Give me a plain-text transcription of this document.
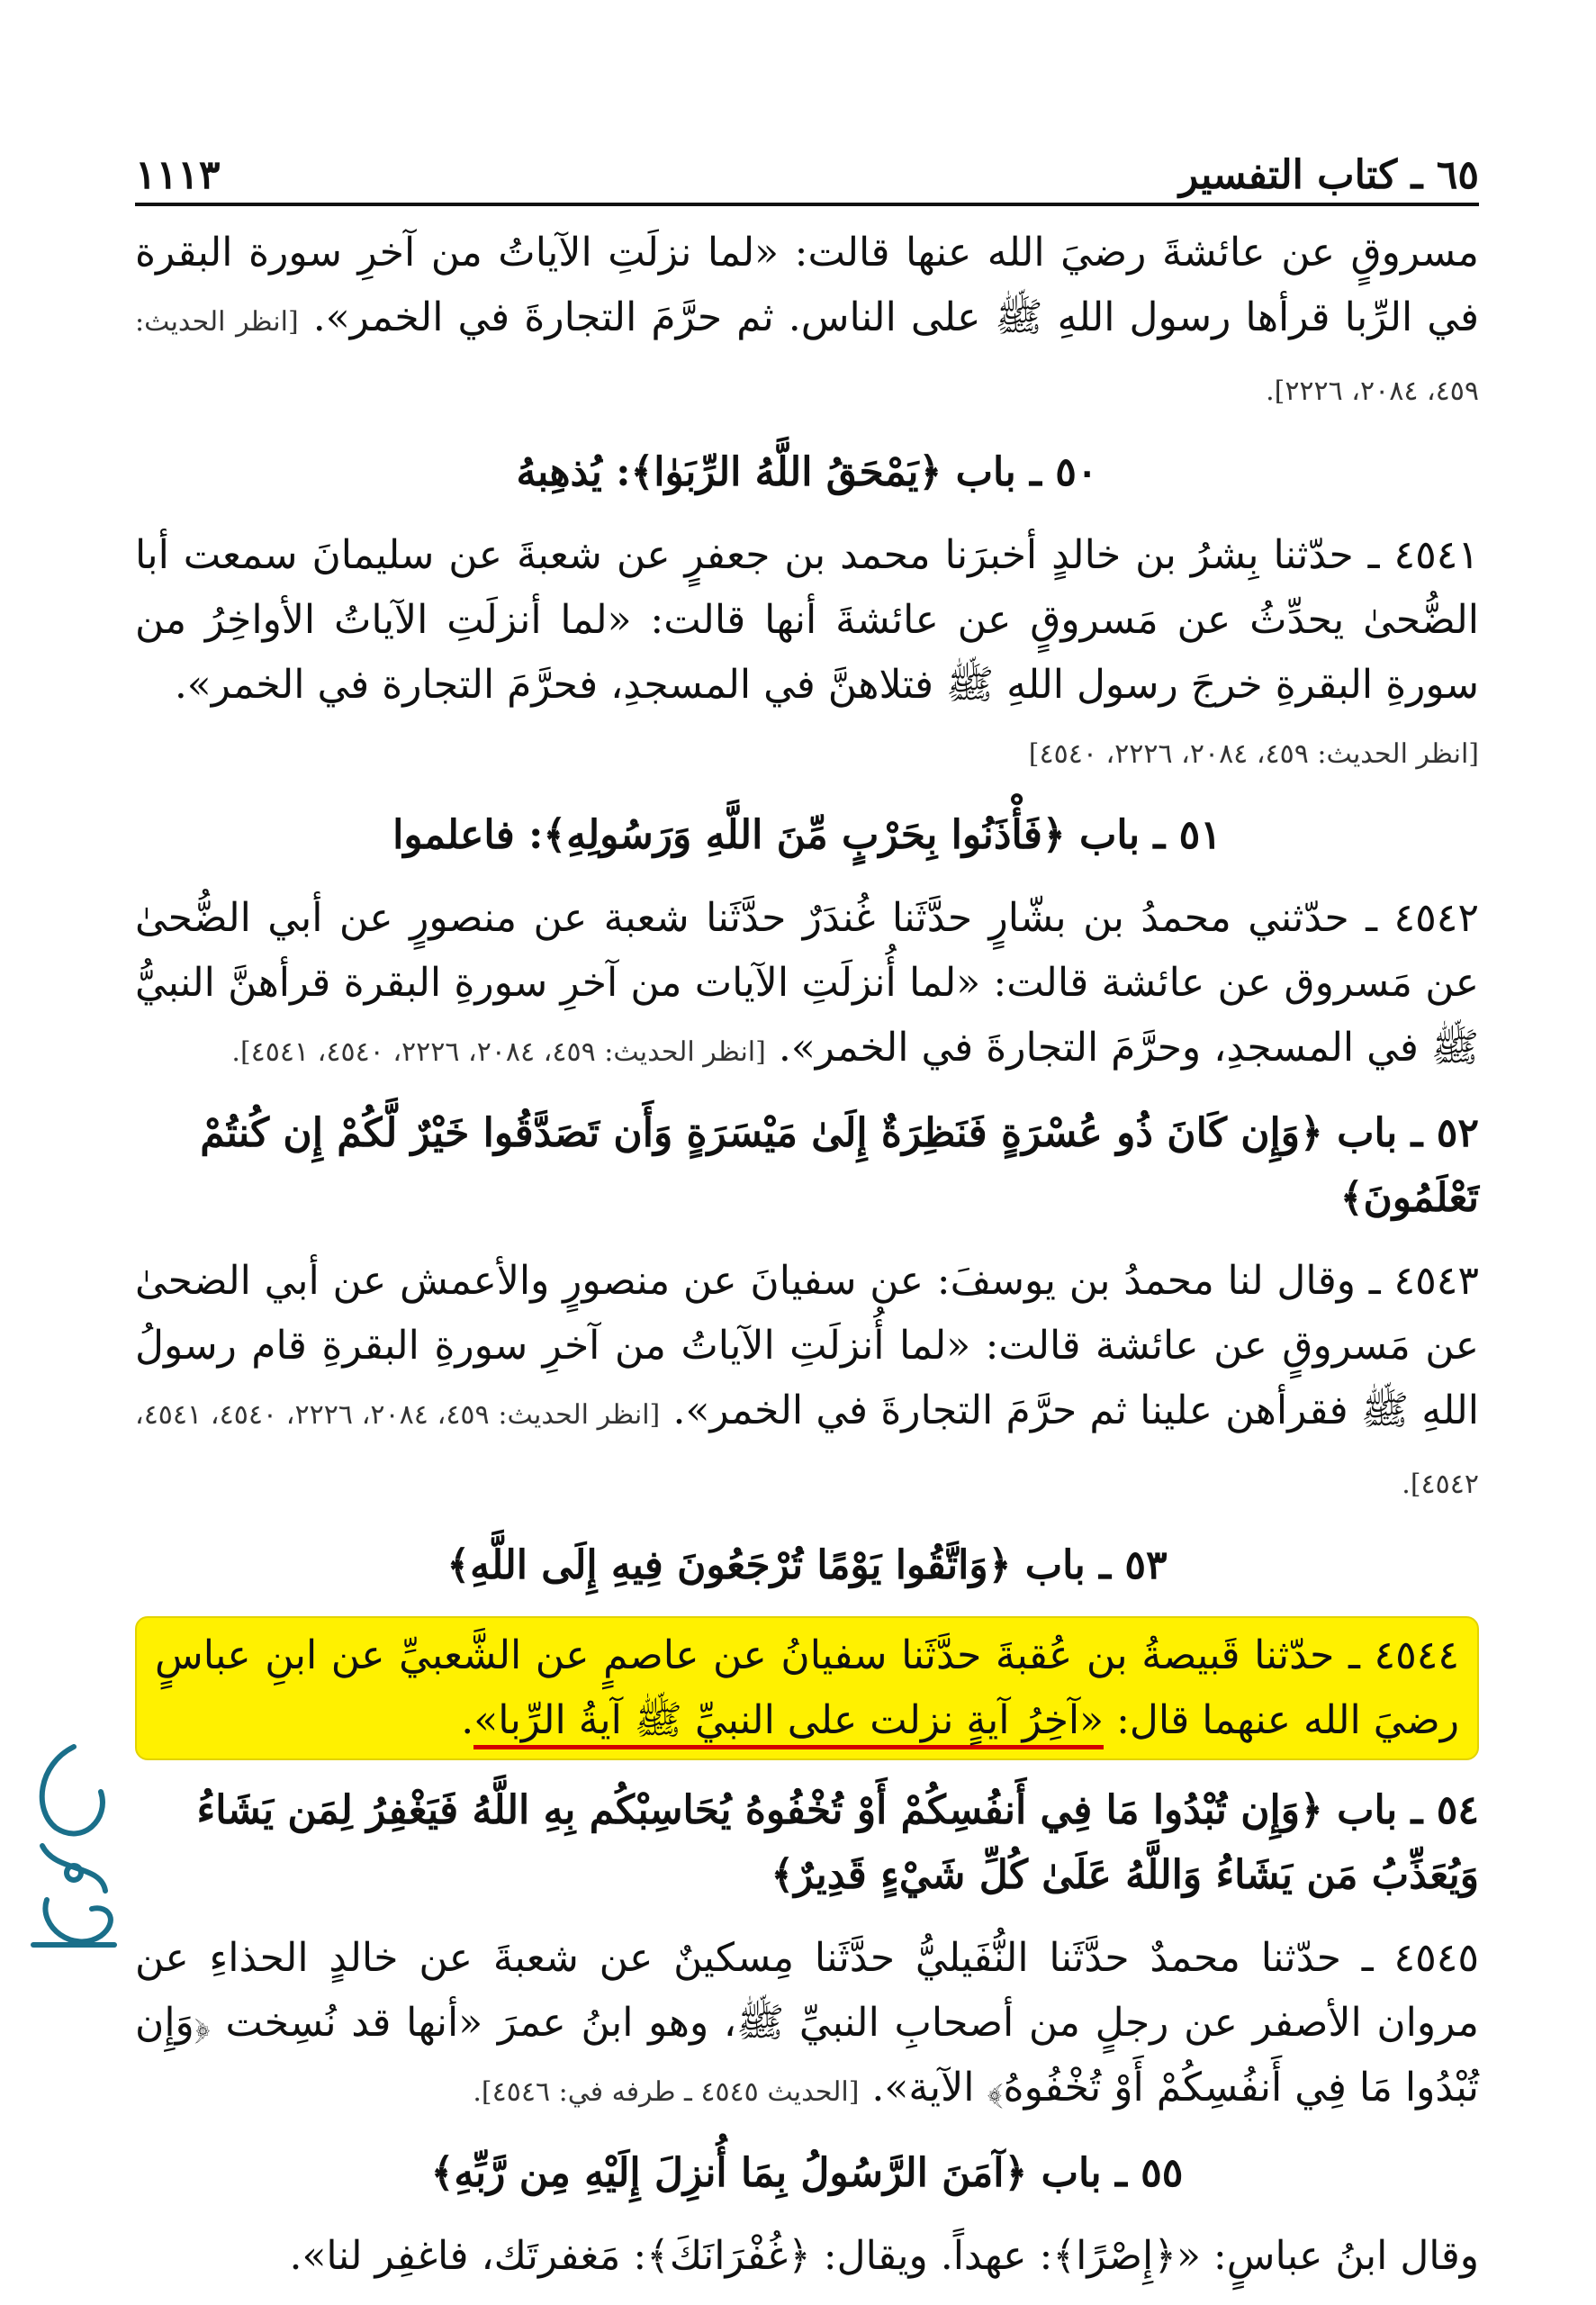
٦٥ ـ كتاب التفسير
١١١٣

مسروقٍ عن عائشةَ رضيَ الله عنها قالت: «لما نزلَتِ الآياتُ من آخرِ سورة البقرة في الرِّبا قرأها رسول اللهِ ﷺ على الناس. ثم حرَّمَ التجارةَ في الخمر». [انظر الحديث: ٤٥٩، ٢٠٨٤، ٢٢٢٦].

٥٠ ـ باب ﴿يَمْحَقُ اللَّهُ الرِّبَوٰا﴾: يُذهِبهُ

٤٥٤١ ـ حدّثنا بِشرُ بن خالدٍ أخبرَنا محمد بن جعفرٍ عن شعبةَ عن سليمانَ سمعت أبا الضُّحىٰ يحدِّثُ عن مَسروقٍ عن عائشةَ أنها قالت: «لما أنزلَتِ الآياتُ الأواخِرُ من سورةِ البقرةِ خرجَ رسول اللهِ ﷺ فتلاهنَّ في المسجدِ، فحرَّمَ التجارة في الخمر».
[انظر الحديث: ٤٥٩، ٢٠٨٤، ٢٢٢٦، ٤٥٤٠]

٥١ ـ باب ﴿فَأْذَنُوا بِحَرْبٍ مِّنَ اللَّهِ وَرَسُولِهِ﴾: فاعلموا

٤٥٤٢ ـ حدّثني محمدُ بن بشّارٍ حدَّثَنا غُندَرٌ حدَّثَنا شعبة عن منصورٍ عن أبي الضُّحىٰ عن مَسروق عن عائشة قالت: «لما أُنزلَتِ الآيات من آخرِ سورةِ البقرة قرأهنَّ النبيُّ ﷺ في المسجدِ، وحرَّمَ التجارةَ في الخمر». [انظر الحديث: ٤٥٩، ٢٠٨٤، ٢٢٢٦، ٤٥٤٠، ٤٥٤١].

٥٢ ـ باب ﴿وَإِن كَانَ ذُو عُسْرَةٍ فَنَظِرَةٌ إِلَىٰ مَيْسَرَةٍ وَأَن تَصَدَّقُوا خَيْرٌ لَّكُمْ إِن كُنتُمْ تَعْلَمُونَ﴾

٤٥٤٣ ـ وقال لنا محمدُ بن يوسفَ: عن سفيانَ عن منصورٍ والأعمش عن أبي الضحىٰ عن مَسروقٍ عن عائشة قالت: «لما أُنزلَتِ الآياتُ من آخرِ سورةِ البقرةِ قام رسولُ اللهِ ﷺ فقرأهن علينا ثم حرَّمَ التجارةَ في الخمر». [انظر الحديث: ٤٥٩، ٢٠٨٤، ٢٢٢٦، ٤٥٤٠، ٤٥٤١، ٤٥٤٢].

٥٣ ـ باب ﴿وَاتَّقُوا يَوْمًا تُرْجَعُونَ فِيهِ إِلَى اللَّهِ﴾
٤٥٤٤ ـ حدّثنا قَبيصةُ بن عُقبةَ حدَّثَنا سفيانُ عن عاصمٍ عن الشَّعبيِّ عن ابنِ عباسٍ رضيَ الله عنهما قال: «آخِرُ آيةٍ نزلت على النبيِّ ﷺ آيةُ الرِّبا».
٥٤ ـ باب ﴿وَإِن تُبْدُوا مَا فِي أَنفُسِكُمْ أَوْ تُخْفُوهُ يُحَاسِبْكُم بِهِ اللَّهُ فَيَغْفِرُ لِمَن يَشَاءُ وَيُعَذِّبُ مَن يَشَاءُ وَاللَّهُ عَلَىٰ كُلِّ شَيْءٍ قَدِيرٌ﴾

٤٥٤٥ ـ حدّثنا محمدٌ حدَّثَنا النُّفَيليُّ حدَّثَنا مِسكينٌ عن شعبةَ عن خالدٍ الحذاءِ عن مروان الأصفر عن رجلٍ من أصحابِ النبيِّ ﷺ، وهو ابنُ عمرَ «أنها قد نُسِخت ﴿وَإِن تُبْدُوا مَا فِي أَنفُسِكُمْ أَوْ تُخْفُوهُ﴾ الآية». [الحديث ٤٥٤٥ ـ طرفه في: ٤٥٤٦].

٥٥ ـ باب ﴿آمَنَ الرَّسُولُ بِمَا أُنزِلَ إِلَيْهِ مِن رَّبِّهِ﴾

وقال ابنُ عباسٍ: «﴿إِصْرًا﴾: عهداً. ويقال: ﴿غُفْرَانَكَ﴾: مَغفرتَك، فاغفِر لنا».
